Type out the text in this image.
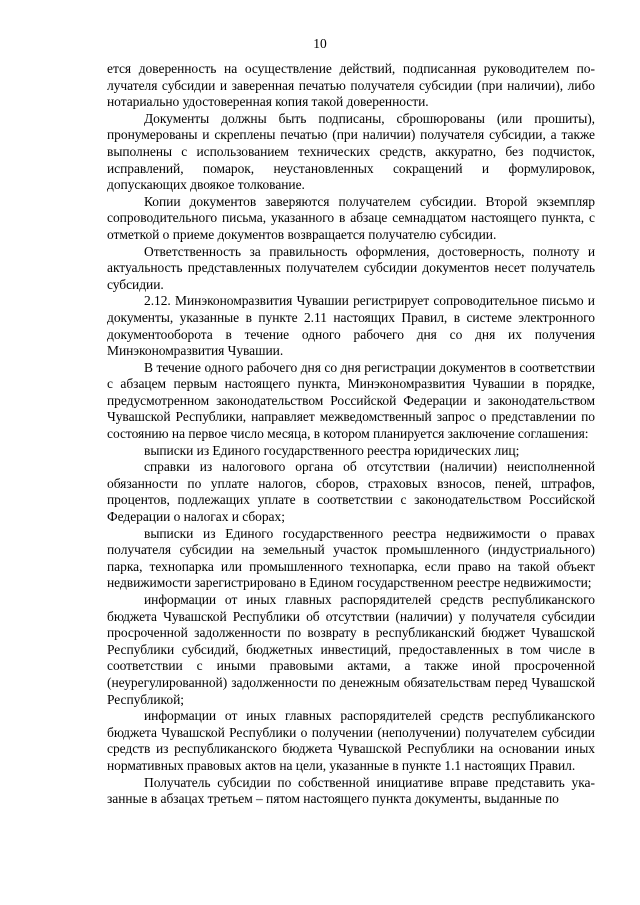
10

ется доверенность на осуществление действий, подписанная руководителем получателя субсидии и заверенная печатью получателя субсидии (при наличии), либо нотариально удостоверенная копия такой доверенности.

Документы должны быть подписаны, сброшюрованы (или прошиты), пронумерованы и скреплены печатью (при наличии) получателя субсидии, а также выполнены с использованием технических средств, аккуратно, без подчисток, исправлений, помарок, неустановленных сокращений и формулировок, допускающих двоякое толкование.

Копии документов заверяются получателем субсидии. Второй экземпляр сопроводительного письма, указанного в абзаце семнадцатом настоящего пункта, с отметкой о приеме документов возвращается получателю субсидии.

Ответственность за правильность оформления, достоверность, полноту и актуальность представленных получателем субсидии документов несет получатель субсидии.

2.12. Минэкономразвития Чувашии регистрирует сопроводительное письмо и документы, указанные в пункте 2.11 настоящих Правил, в системе электронного документооборота в течение одного рабочего дня со дня их получения Минэкономразвития Чувашии.

В течение одного рабочего дня со дня регистрации документов в соответствии с абзацем первым настоящего пункта, Минэкономразвития Чувашии в порядке, предусмотренном законодательством Российской Федерации и законодательством Чувашской Республики, направляет межведомственный запрос о представлении по состоянию на первое число месяца, в котором планируется заключение соглашения:

выписки из Единого государственного реестра юридических лиц;

справки из налогового органа об отсутствии (наличии) неисполненной обязанности по уплате налогов, сборов, страховых взносов, пеней, штрафов, процентов, подлежащих уплате в соответствии с законодательством Российской Федерации о налогах и сборах;

выписки из Единого государственного реестра недвижимости о правах получателя субсидии на земельный участок промышленного (индустриального) парка, технопарка или промышленного технопарка, если право на такой объект недвижимости зарегистрировано в Едином государственном реестре недвижимости;

информации от иных главных распорядителей средств республиканского бюджета Чувашской Республики об отсутствии (наличии) у получателя субсидии просроченной задолженности по возврату в республиканский бюджет Чувашской Республики субсидий, бюджетных инвестиций, предоставленных в том числе в соответствии с иными правовыми актами, а также иной просроченной (неурегулированной) задолженности по денежным обязательствам перед Чувашской Республикой;

информации от иных главных распорядителей средств республиканского бюджета Чувашской Республики о получении (неполучении) получателем субсидии средств из республиканского бюджета Чувашской Республики на основании иных нормативных правовых актов на цели, указанные в пункте 1.1 настоящих Правил.

Получатель субсидии по собственной инициативе вправе представить указанные в абзацах третьем – пятом настоящего пункта документы, выданные по
